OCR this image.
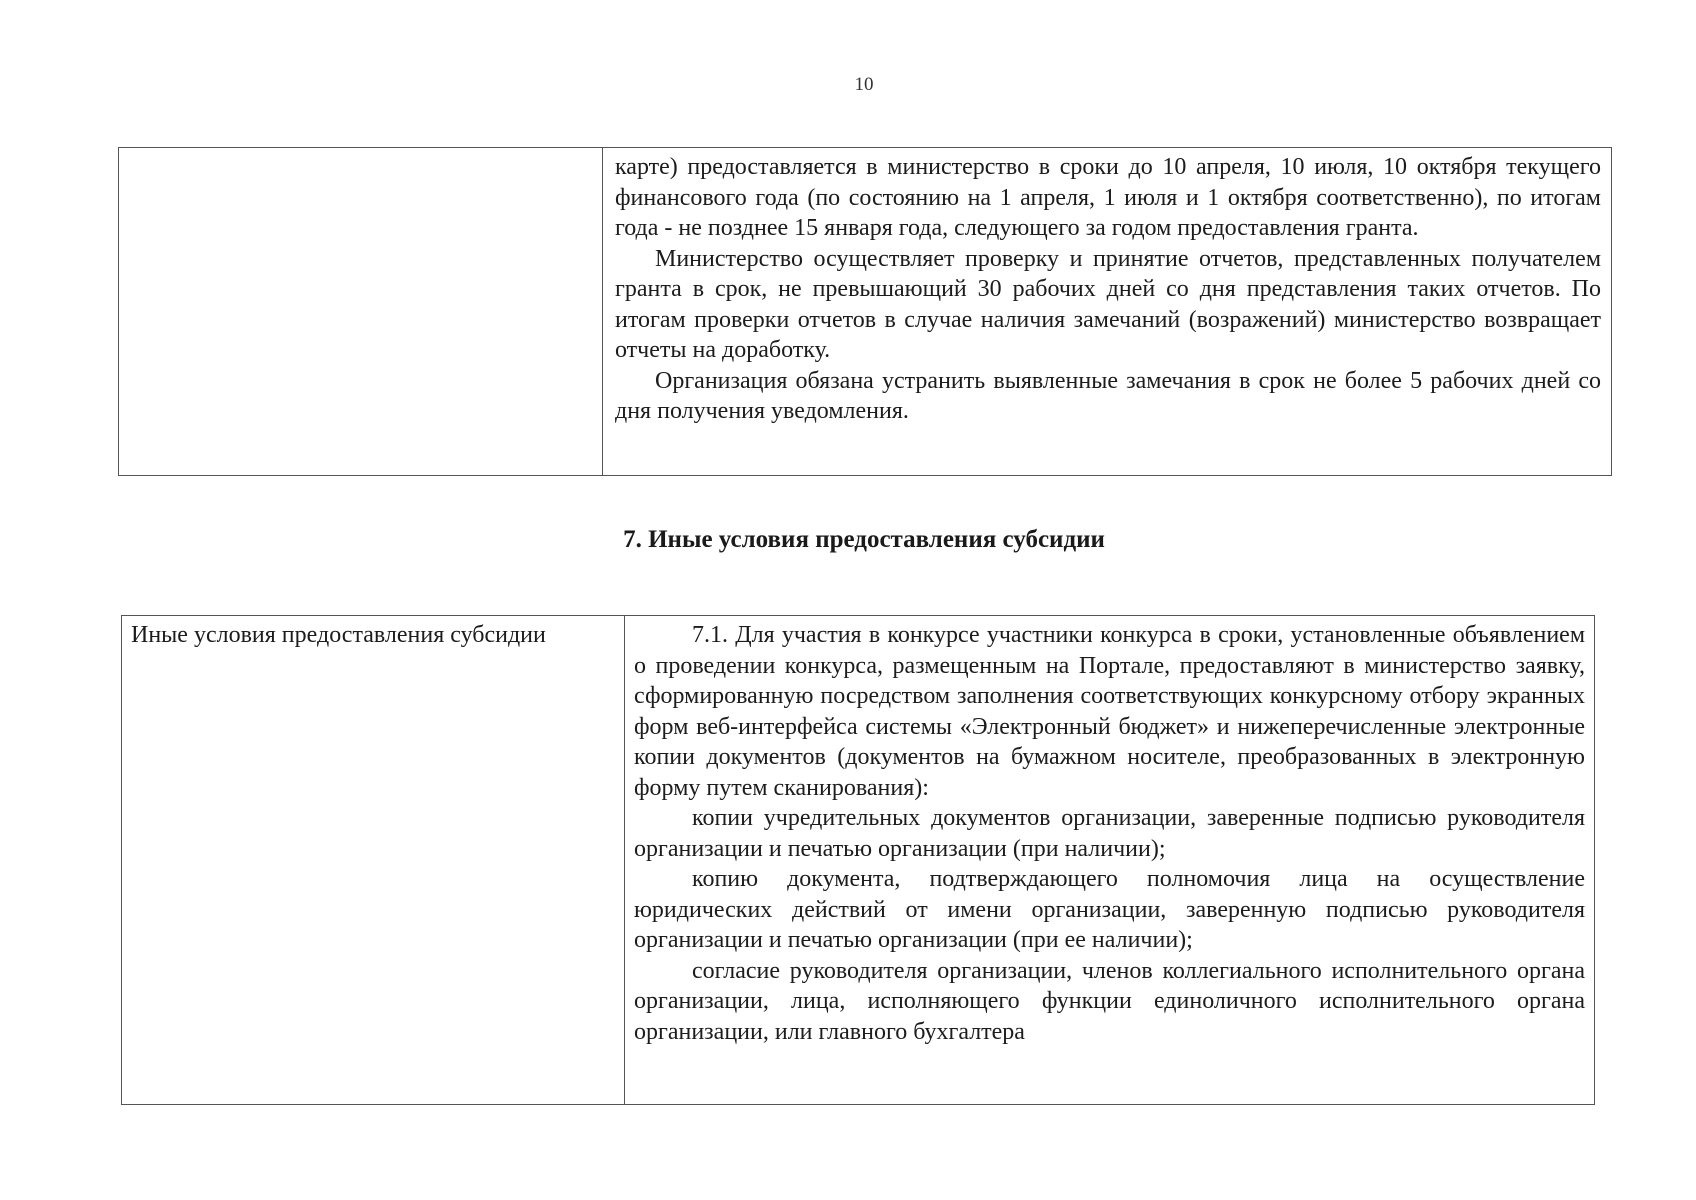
10

карте) предоставляется в министерство в сроки до 10 апреля, 10 июля, 10 октября текущего финансового года (по состоянию на 1 апреля, 1 июля и 1 октября соответственно), по итогам года - не позднее 15 января года, следующего за годом предоставления гранта.

Министерство осуществляет проверку и принятие отчетов, представленных получателем гранта в срок, не превышающий 30 рабочих дней со дня представления таких отчетов. По итогам проверки отчетов в случае наличия замечаний (возражений) министерство возвращает отчеты на доработку.

Организация обязана устранить выявленные замечания в срок не более 5 рабочих дней со дня получения уведомления.

7. Иные условия предоставления субсидии

Иные условия предоставления субсидии	7.1. Для участия в конкурсе участники конкурса в сроки, установленные объявлением о проведении конкурса, размещенным на Портале, предоставляют в министерство заявку, сформированную посредством заполнения соответствующих конкурсному отбору экранных форм веб-интерфейса системы «Электронный бюджет» и нижеперечисленные электронные копии документов (документов на бумажном носителе, преобразованных в электронную форму путем сканирования):

копии учредительных документов организации, заверенные подписью руководителя организации и печатью организации (при наличии);

копию документа, подтверждающего полномочия лица на осуществление юридических действий от имени организации, заверенную подписью руководителя организации и печатью организации (при ее наличии);

согласие руководителя организации, членов коллегиального исполнительного органа организации, лица, исполняющего функции единоличного исполнительного органа организации, или главного бухгалтера
